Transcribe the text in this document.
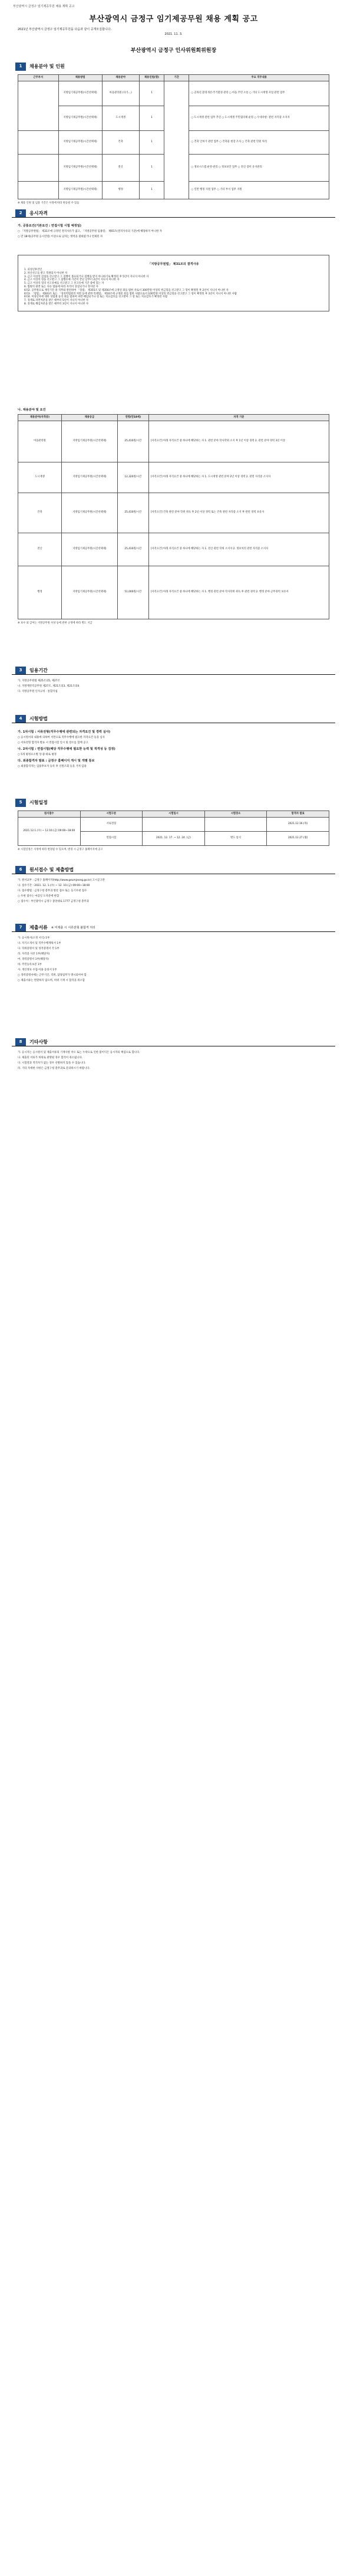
부산광역시 금정구 임기제공무원 채용 계획 공고
부산광역시 금정구 임기제공무원 채용 계획 공고

2021년 부산광역시 금정구 임기제공무원을 다음과 같이 공개모집합니다.

2021. 11. 3.

부산광역시 금정구 인사위원회위원장
1	채용분야 및 인원
근무부서	채용방법	채용분야	채용인원(명)	기간	주요 직무내용
	지방임기제공무원(시간선택제)	마을관리원 (다가…)	1		○ 골목길 환경개선·주거환경 관리 ○ 마을 주민 소통 ○ 기타 도시재생 사업 관련 업무
	지방임기제공무원(시간선택제)	도시재생	1		○ 도시재생 관련 업무 추진 ○ 도시재생 주민협의체 운영 ○ 우대사항: 관련 자격증 소지자
	지방임기제공무원(시간선택제)	건축	1		○ 건축 인허가 관련 업무 ○ 건축물 현장 조사 ○ 건축 관련 민원 처리
	지방임기제공무원(시간선택제)	전산	1		○ 정보시스템 운영·관리 ○ 정보보안 업무 ○ 전산 장비 유지관리
	지방임기제공무원(시간선택제)	행정	1		○ 일반 행정 지원 업무 ○ 기타 부서 업무 지원

※ 채용 인원 및 임용 기간은 사정에 따라 변동될 수 있음

2	응시자격

가. 공통요건(기본요건 : 면접시험 시험 예정일)

○ 「지방공무원법」 제31조에 규정된 결격사유가 없고, 「지방공무원 임용령」 제65조(결격사유의 기준)에 해당하지 아니한 자

○ 만 18세(공무원 응시연령) 이상으로 남자는 병역을 필하였거나 면제된 자

「지방공무원법」 제31조의 결격사유

1. 피성년후견인

2. 파산선고를 받고 복권되지 아니한 자

3. 금고 이상의 실형을 선고받고 그 집행이 종료되거나 집행을 받지 아니하기로 확정된 후 5년이 지나지 아니한 자

4. 금고 이상의 형을 선고받고 그 집행유예 기간이 끝난 날부터 2년이 지나지 아니한 자

5. 금고 이상의 형의 선고유예를 선고받고 그 선고유예 기간 중에 있는 자

6. 법원의 판결 또는 다른 법률에 따라 자격이 상실되거나 정지된 자

6의2. 공무원으로 재직기간 중 직무와 관련하여 「형법」 제355조 및 제356조에 규정된 죄를 범한 자로서 300만원 이상의 벌금형을 선고받고 그 형이 확정된 후 2년이 지나지 아니한 자

6의3. 「형법」 제303조 또는 「성폭력범죄의 처벌 등에 관한 특례법」 제10조에 규정된 죄를 범한 사람으로서 100만원 이상의 벌금형을 선고받고 그 형이 확정된 후 3년이 지나지 아니한 사람

6의4. 미성년자에 대한 성범죄 등의 죄를 범하여 파면·해임되거나 형 또는 치료감호를 선고받아 그 형 또는 치료감호가 확정된 사람

7. 징계로 파면처분을 받은 때부터 5년이 지나지 아니한 자

8. 징계로 해임처분을 받은 때부터 3년이 지나지 아니한 자

나. 채용분야 및 요건

채용분야(자격증)	채용등급	연령(만18세)	자격 기준
마을관리원	지방임기제공무원(시간선택제)	25,410원/시간	[자격요건] 아래 자격요건 중 하나에 해당하는 자 1. 관련 분야 학사학위 소지 후 1년 이상 경력 2. 관련 분야 경력 3년 이상
도시재생	지방임기제공무원(시간선택제)	12,320원/시간	[자격요건] 아래 자격요건 중 하나에 해당하는 자 1. 도시재생 관련 분야 2년 이상 경력 2. 관련 자격증 소지자
건축	지방임기제공무원(시간선택제)	25,410원/시간	[자격요건] 건축 관련 분야 학위 취득 후 2년 이상 경력 또는 건축 관련 자격증 소지 후 관련 경력 보유자
전산	지방임기제공무원(시간선택제)	25,410원/시간	[자격요건] 아래 자격요건 중 하나에 해당하는 자 1. 전산 관련 학위 소지자 2. 정보처리 관련 자격증 소지자
행정	지방임기제공무원(시간선택제)	51,000원/시간	[자격요건] 아래 자격요건 중 하나에 해당하는 자 1. 행정 관련 분야 학사학위 취득 후 관련 경력 2. 행정 분야 근무경력 보유자

※ 보수 외 급여는 지방공무원 수당 등에 관한 규정에 따라 별도 지급

3	임용기간

가. 지방공무원법 제25조의5, 제27조

나. 지방계약직공무원 제27조, 제21조의3, 제21조의4

다. 지방공무원 인사규칙 · 통합지침

4	시험방법

가. 1차시험 : 서류전형(직무수행에 관련되는 자격요건 및 경력 심사)

○ 응시원서의 내용에 의하여 서면으로 직무수행에 필요한 자격요건 등을 심사

○ 서류전형 합격자 발표 시 면접시험 일시 및 장소를 함께 공고

나. 2차시험 : 면접시험(해당 직무수행에 필요한 능력 및 적격성 등 검정)

○ 5개 평정요소별 상·중·하로 평정

다. 최종합격자 발표 : 금정구 홈페이지 게시 및 개별 통보

○ 최종합격자는 임용후보자 등록 후 신원조회 등을 거쳐 임용

5	시험일정
원서접수	시험구분	시험일시	시험장소	합격자 발표
2021.12.1.(수) ~ 12.10.(금) 09:00~18:00	서류전형			2021.12.16.(목)
	면접시험	2021. 12. 17. ~ 12. 24. (금)	별도 통지	2021.12.27.(월)

※ 시험일정은 사정에 따라 변경될 수 있으며, 변경 시 금정구 홈페이지에 공고

6	원서접수 및 제출방법

가. 원서교부 : 금정구 홈페이지(http://www.geumjeong.go.kr) 고시공고란

나. 접수기간 : 2021. 12. 1.(수) ~ 12. 10.(금) 09:00~18:00

다. 접수방법 : 금정구청 총무과 방문 접수 또는 등기우편 접수

○ 우편 접수는 마감일 도착분에 한함

○ 접수처 : 부산광역시 금정구 중앙대로 1777 금정구청 총무과

7	제출서류 ※ 미제출 시 서류전형 불합격 처리

가. 응시원서(소정 서식) 1부

나. 자기소개서 및 직무수행계획서 1부

다. 학위증명서 및 성적증명서 각 1부

라. 자격증 사본 1부(해당자)

마. 경력증명서 1부(해당자)

바. 주민등록초본 1부

사. 개인정보 수집·이용 동의서 1부

○ 경력증명서에는 근무기간, 직위, 담당업무가 명시되어야 함

○ 제출서류는 반환하지 않으며, 허위 기재 시 합격을 취소함

8	기타사항

가. 응시자는 응시원서 및 제출서류의 기재사항 착오 또는 누락으로 인한 불이익은 응시자의 책임으로 합니다.

나. 제출된 서류가 허위로 판명될 경우 합격이 취소됩니다.

다. 시험결과 적격자가 없는 경우 선발하지 않을 수 있습니다.

라. 기타 자세한 사항은 금정구청 총무과로 문의하시기 바랍니다.
